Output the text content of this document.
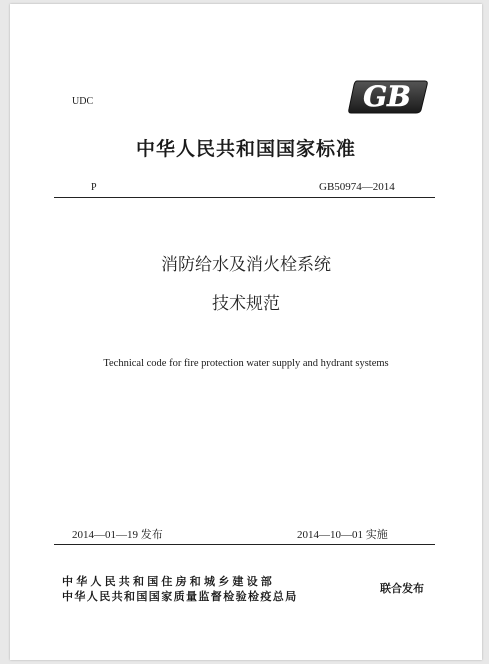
UDC	GB
中华人民共和国国家标准
P	GB50974—2014
消防给水及消火栓系统
技术规范
Technical code for fire protection water supply and hydrant systems
2014—01—19 发布	2014—10—01 实施
中华人民共和国住房和城乡建设部
中华人民共和国国家质量监督检验检疫总局
联合发布
